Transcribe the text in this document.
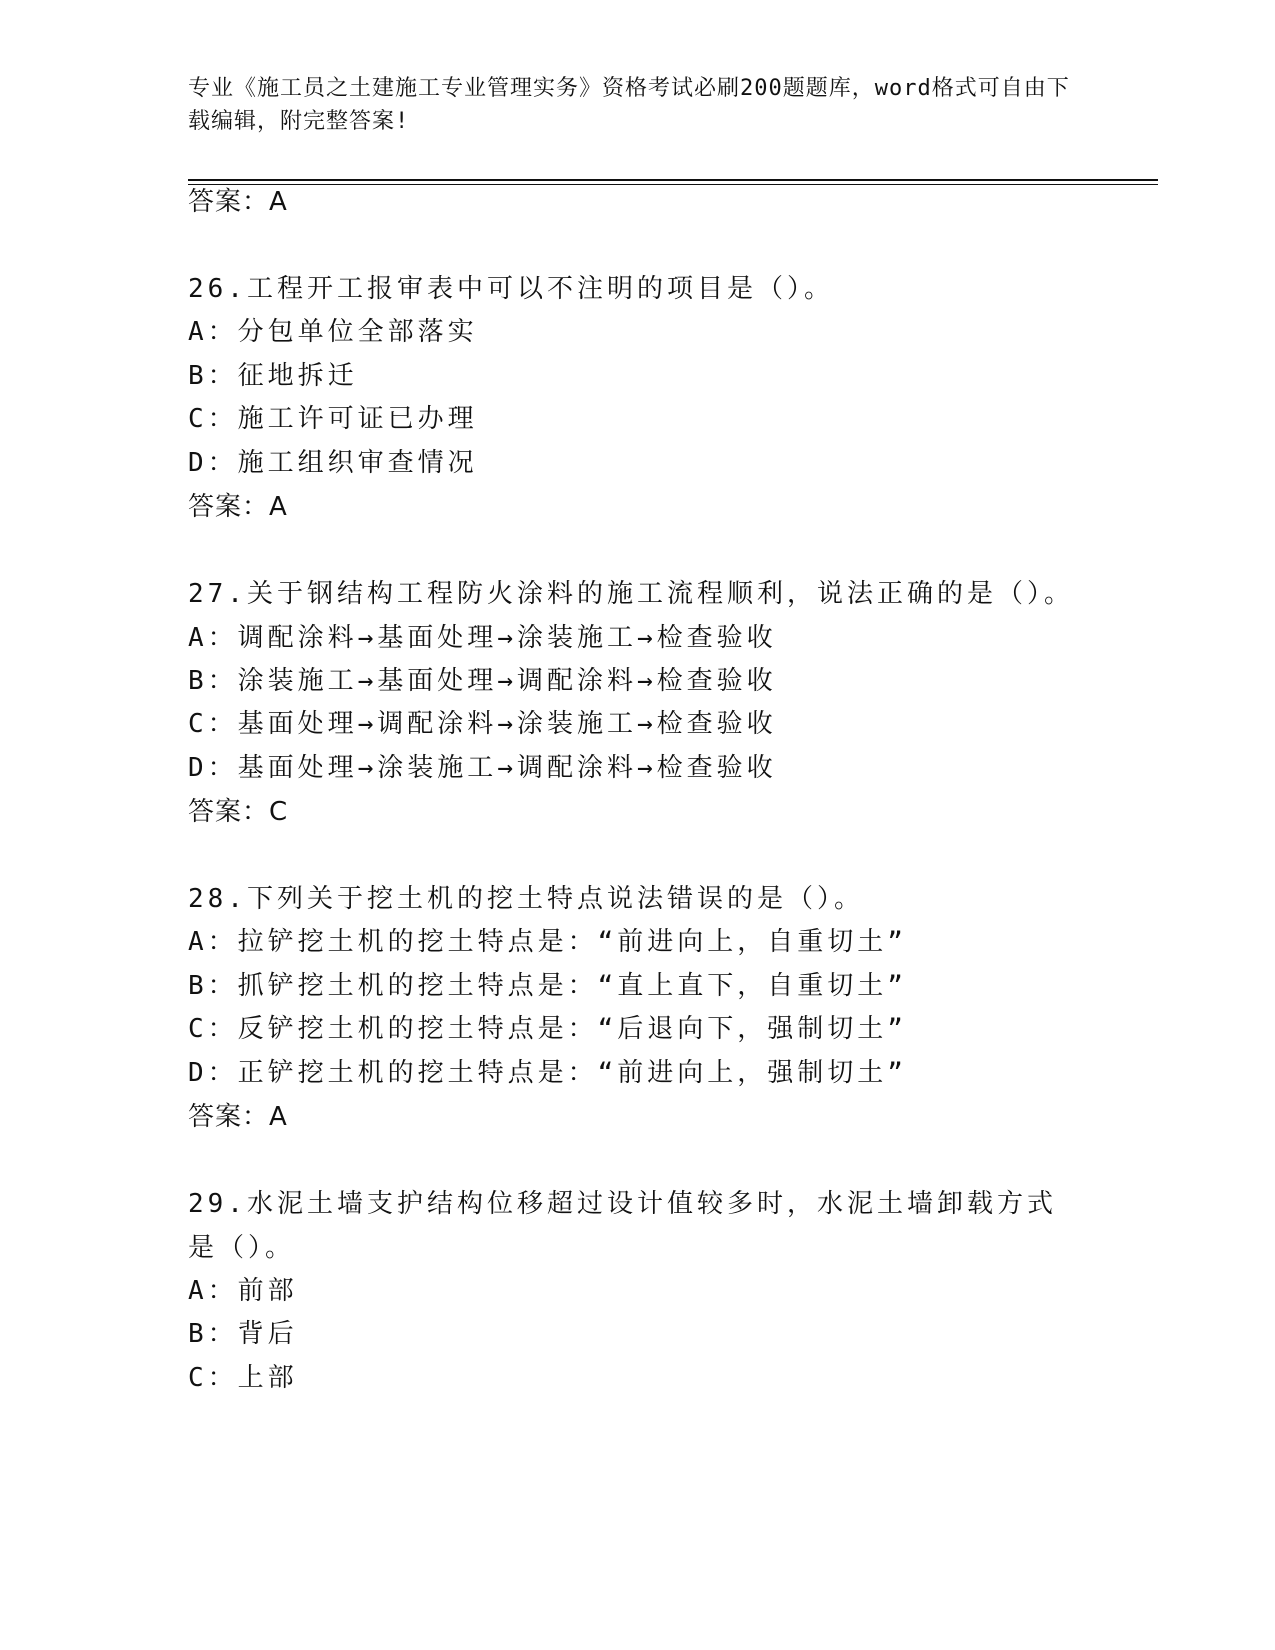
专业《施工员之土建施工专业管理实务》资格考试必刷200题题库，word格式可自由下载编辑，附完整答案!
答案：A
26.工程开工报审表中可以不注明的项目是（）。
A：分包单位全部落实
B：征地拆迁
C：施工许可证已办理
D：施工组织审查情况
答案：A
27.关于钢结构工程防火涂料的施工流程顺利，说法正确的是（）。
A：调配涂料→基面处理→涂装施工→检查验收
B：涂装施工→基面处理→调配涂料→检查验收
C：基面处理→调配涂料→涂装施工→检查验收
D：基面处理→涂装施工→调配涂料→检查验收
答案：C
28.下列关于挖土机的挖土特点说法错误的是（）。
A：拉铲挖土机的挖土特点是：“前进向上，自重切土”
B：抓铲挖土机的挖土特点是：“直上直下，自重切土”
C：反铲挖土机的挖土特点是：“后退向下，强制切土”
D：正铲挖土机的挖土特点是：“前进向上，强制切土”
答案：A
29.水泥土墙支护结构位移超过设计值较多时，水泥土墙卸载方式是（）。
A：前部
B：背后
C：上部
